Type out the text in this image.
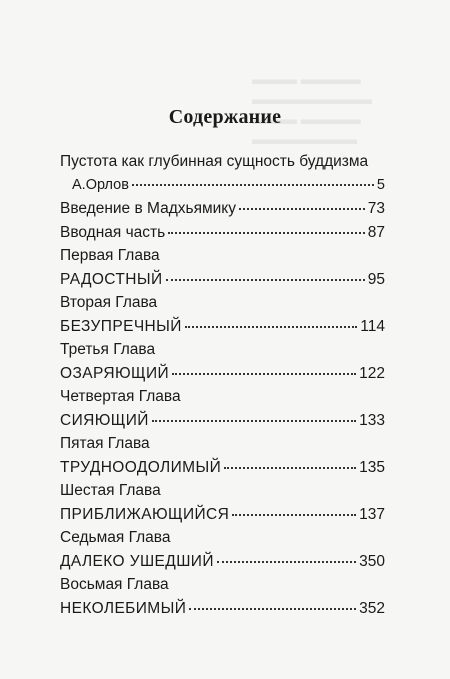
▬▬▬▬ ▬▬▬
▬▬▬▬▬▬▬▬
▬▬▬▬ ▬▬▬
▬▬▬▬▬▬▬
Содержание
Пустота как глубинная сущность буддизма
А.Орлов	5
Введение в Мадхьямику	73
Вводная часть	87
Первая Глава
РАДОСТНЫЙ	95
Вторая Глава
БЕЗУПРЕЧНЫЙ	114
Третья Глава
ОЗАРЯЮЩИЙ	122
Четвертая Глава
СИЯЮЩИЙ	133
Пятая Глава
ТРУДНООДОЛИМЫЙ	135
Шестая Глава
ПРИБЛИЖАЮЩИЙСЯ	137
Седьмая Глава
ДАЛЕКО УШЕДШИЙ	350
Восьмая Глава
НЕКОЛЕБИМЫЙ	352
